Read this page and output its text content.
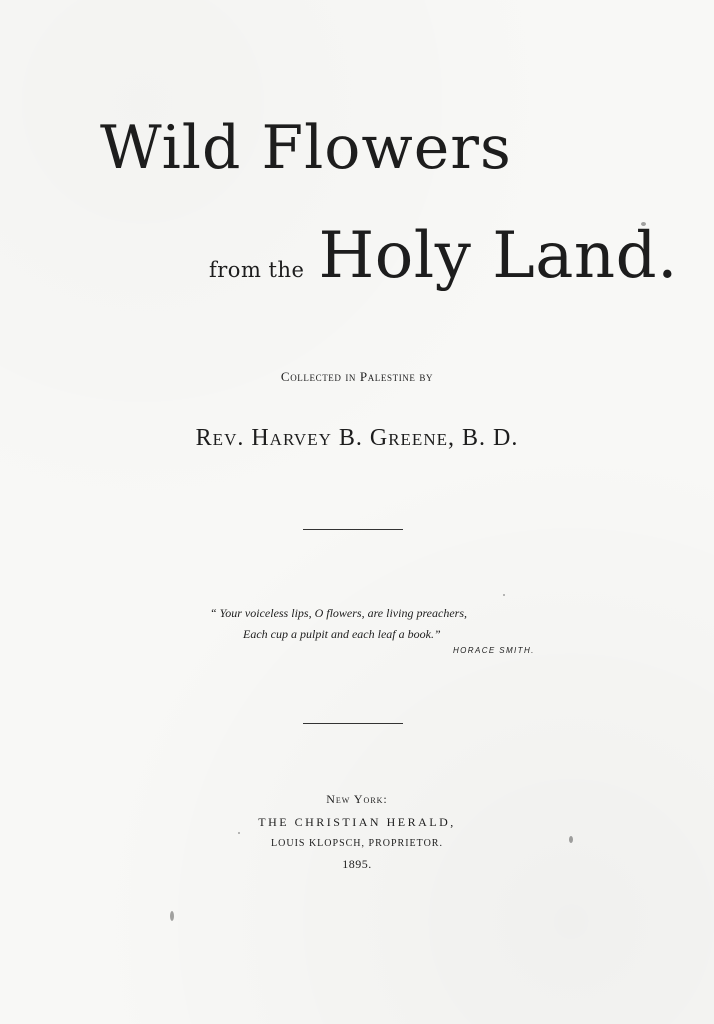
Wild Flowers
from the Holy Land.
Collected in Palestine by
Rev. Harvey B. Greene, B. D.
“ Your voiceless lips, O flowers, are living preachers,
Each cup a pulpit and each leaf a book.”
HORACE SMITH.
New York:
THE CHRISTIAN HERALD,
LOUIS KLOPSCH, PROPRIETOR.
1895.
